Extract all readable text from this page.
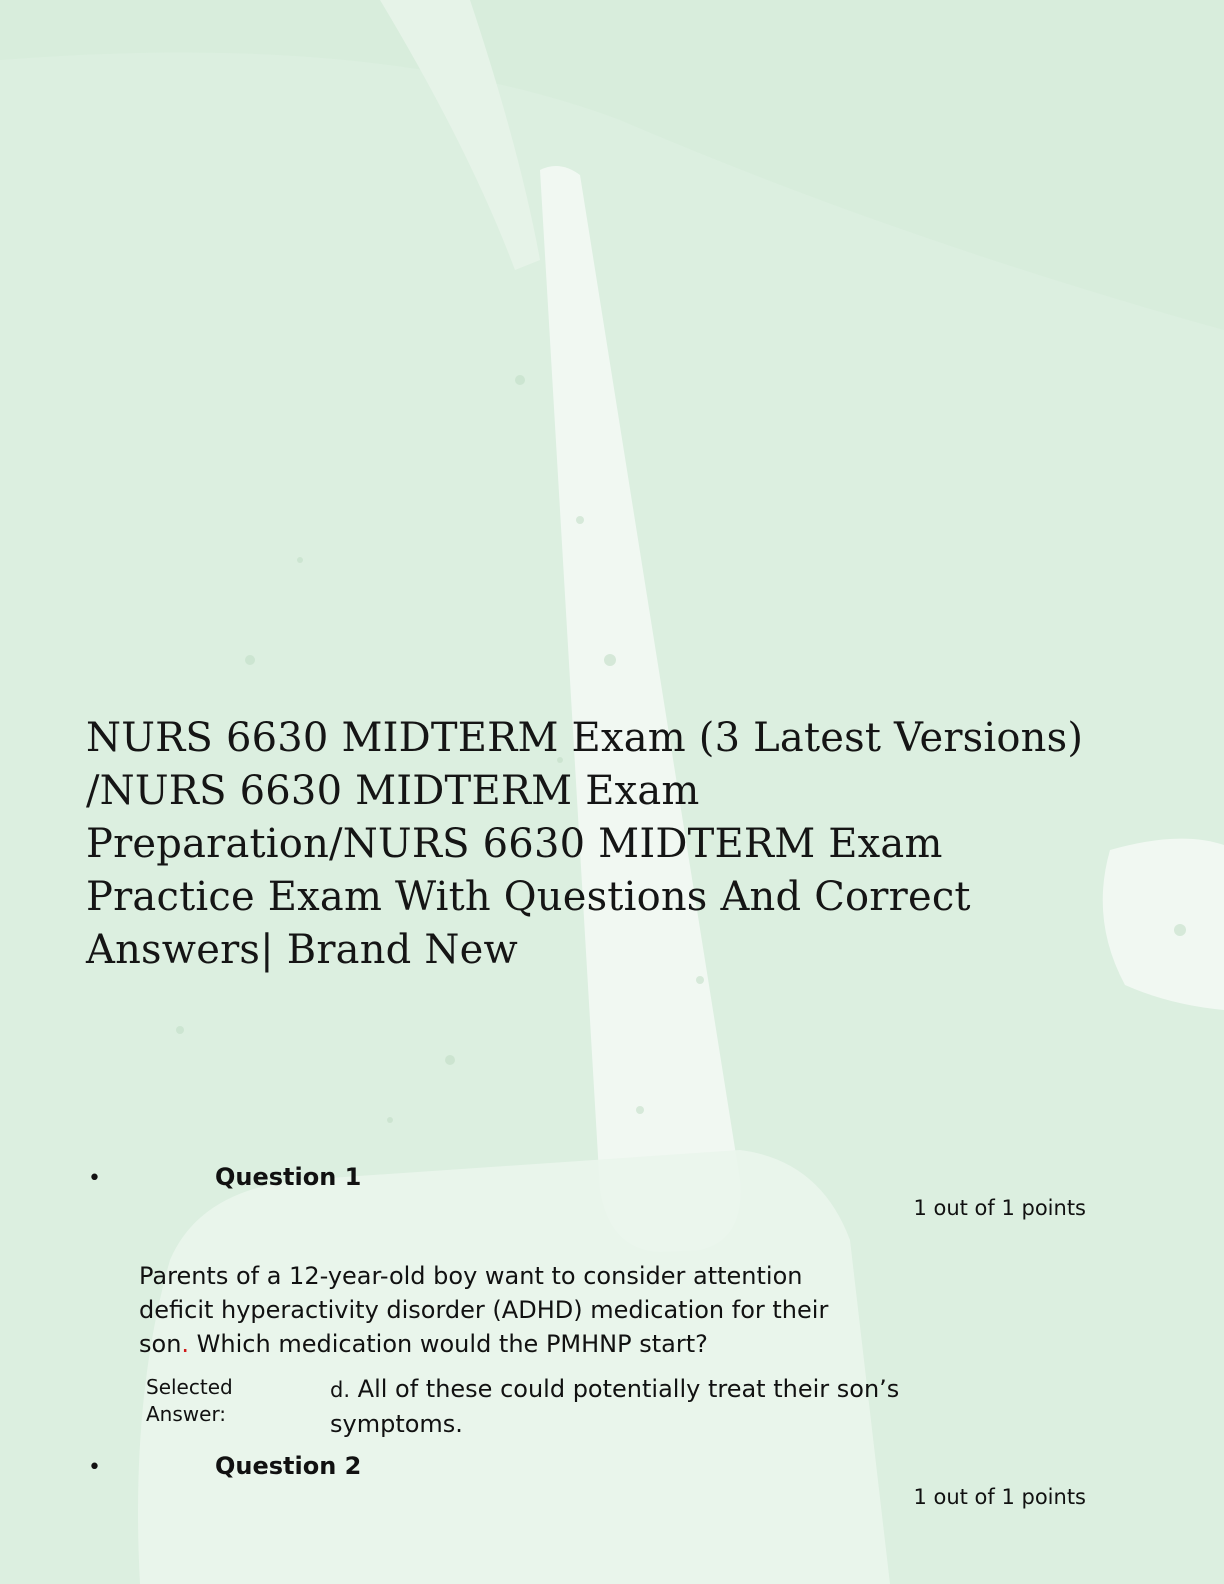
NURS 6630 MIDTERM Exam (3 Latest Versions)
/NURS 6630 MIDTERM Exam
Preparation/NURS 6630 MIDTERM Exam
Practice Exam With Questions And Correct
Answers| Brand New
•	Question 1
1 out of 1 points
Parents of a 12-year-old boy want to consider attention
deficit hyperactivity disorder (ADHD) medication for their
son. Which medication would the PMHNP start?
Selected
Answer:
d. All of these could potentially treat their son’s
symptoms.
•	Question 2
1 out of 1 points
